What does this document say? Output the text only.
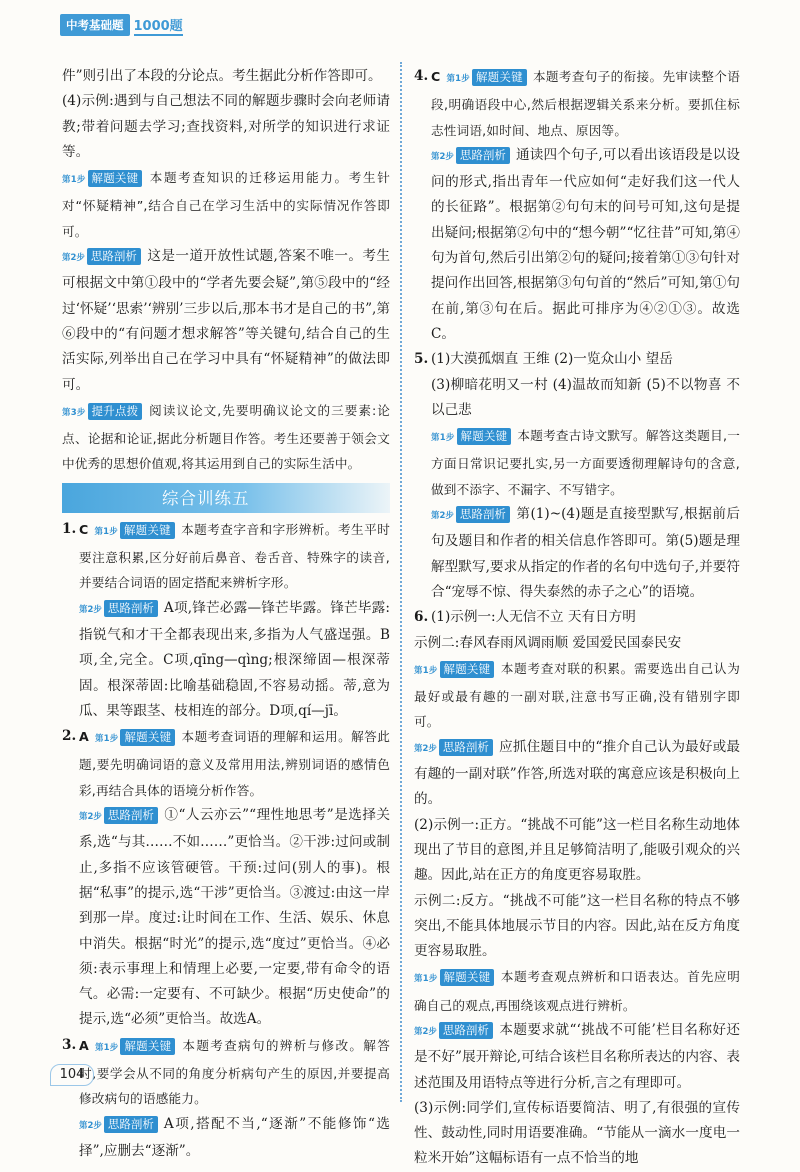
中考基础题 1000题

件”则引出了本段的分论点。考生据此分析作答即可。

(4)示例:遇到与自己想法不同的解题步骤时会向老师请教;带着问题去学习;查找资料,对所学的知识进行求证等。

第1步 解题关键 本题考查知识的迁移运用能力。考生针对“怀疑精神”,结合自己在学习生活中的实际情况作答即可。

第2步 思路剖析 这是一道开放性试题,答案不唯一。考生可根据文中第①段中的“学者先要会疑”,第⑤段中的“经过‘怀疑’‘思索’‘辨别’三步以后,那本书才是自己的书”,第⑥段中的“有问题才想求解答”等关键句,结合自己的生活实际,列举出自己在学习中具有“怀疑精神”的做法即可。

第3步 提升点拨 阅读议论文,先要明确议论文的三要素:论点、论据和论证,据此分析题目作答。考生还要善于领会文中优秀的思想价值观,将其运用到自己的实际生活中。

综合训练五
1. C 第1步 解题关键 本题考查字音和字形辨析。考生平时要注意积累,区分好前后鼻音、卷舌音、特殊字的读音,并要结合词语的固定搭配来辨析字形。

第2步 思路剖析 A项,锋芒必露—锋芒毕露。锋芒毕露:指锐气和才干全都表现出来,多指为人气盛逞强。B项,全,完全。C项,qīng—qìng;根深缔固—根深蒂固。根深蒂固:比喻基础稳固,不容易动摇。蒂,意为瓜、果等跟茎、枝相连的部分。D项,qí—jī。

2. A 第1步 解题关键 本题考查词语的理解和运用。解答此题,要先明确词语的意义及常用用法,辨别词语的感情色彩,再结合具体的语境分析作答。

第2步 思路剖析 ①“人云亦云”“理性地思考”是选择关系,选“与其……不如……”更恰当。②干涉:过问或制止,多指不应该管硬管。干预:过问(别人的事)。根据“私事”的提示,选“干涉”更恰当。③渡过:由这一岸到那一岸。度过:让时间在工作、生活、娱乐、休息中消失。根据“时光”的提示,选“度过”更恰当。④必须:表示事理上和情理上必要,一定要,带有命令的语气。必需:一定要有、不可缺少。根据“历史使命”的提示,选“必须”更恰当。故选A。

3. A 第1步 解题关键 本题考查病句的辨析与修改。解答时,要学会从不同的角度分析病句产生的原因,并要提高修改病句的语感能力。

第2步 思路剖析 A项,搭配不当,“逐渐”不能修饰“选择”,应删去“逐渐”。

4. C 第1步 解题关键 本题考查句子的衔接。先审读整个语段,明确语段中心,然后根据逻辑关系来分析。要抓住标志性词语,如时间、地点、原因等。

第2步 思路剖析 通读四个句子,可以看出该语段是以设问的形式,指出青年一代应如何“走好我们这一代人的长征路”。根据第②句句末的问号可知,这句是提出疑问;根据第②句中的“想今朝”“忆往昔”可知,第④句为首句,然后引出第②句的疑问;接着第①③句针对提问作出回答,根据第③句句首的“然后”可知,第①句在前,第③句在后。据此可排序为④②①③。故选C。

5. (1)大漠孤烟直 王维 (2)一览众山小 望岳

(3)柳暗花明又一村 (4)温故而知新 (5)不以物喜 不以己悲

第1步 解题关键 本题考查古诗文默写。解答这类题目,一方面日常识记要扎实,另一方面要透彻理解诗句的含意,做到不添字、不漏字、不写错字。

第2步 思路剖析 第(1)~(4)题是直接型默写,根据前后句及题目和作者的相关信息作答即可。第(5)题是理解型默写,要求从指定的作者的名句中选句子,并要符合“宠辱不惊、得失泰然的赤子之心”的语境。

6. (1)示例一:人无信不立 天有日方明

示例二:春风春雨风调雨顺 爱国爱民国泰民安

第1步 解题关键 本题考查对联的积累。需要选出自己认为最好或最有趣的一副对联,注意书写正确,没有错别字即可。

第2步 思路剖析 应抓住题目中的“推介自己认为最好或最有趣的一副对联”作答,所选对联的寓意应该是积极向上的。

(2)示例一:正方。“挑战不可能”这一栏目名称生动地体现出了节目的意图,并且足够简洁明了,能吸引观众的兴趣。因此,站在正方的角度更容易取胜。

示例二:反方。“挑战不可能”这一栏目名称的特点不够突出,不能具体地展示节目的内容。因此,站在反方角度更容易取胜。

第1步 解题关键 本题考查观点辨析和口语表达。首先应明确自己的观点,再围绕该观点进行辨析。

第2步 思路剖析 本题要求就“‘挑战不可能’栏目名称好还是不好”展开辩论,可结合该栏目名称所表达的内容、表述范围及用语特点等进行分析,言之有理即可。

(3)示例:同学们,宣传标语要简洁、明了,有很强的宣传性、鼓动性,同时用语要准确。“节能从一滴水一度电一粒米开始”这幅标语有一点不恰当的地

104
